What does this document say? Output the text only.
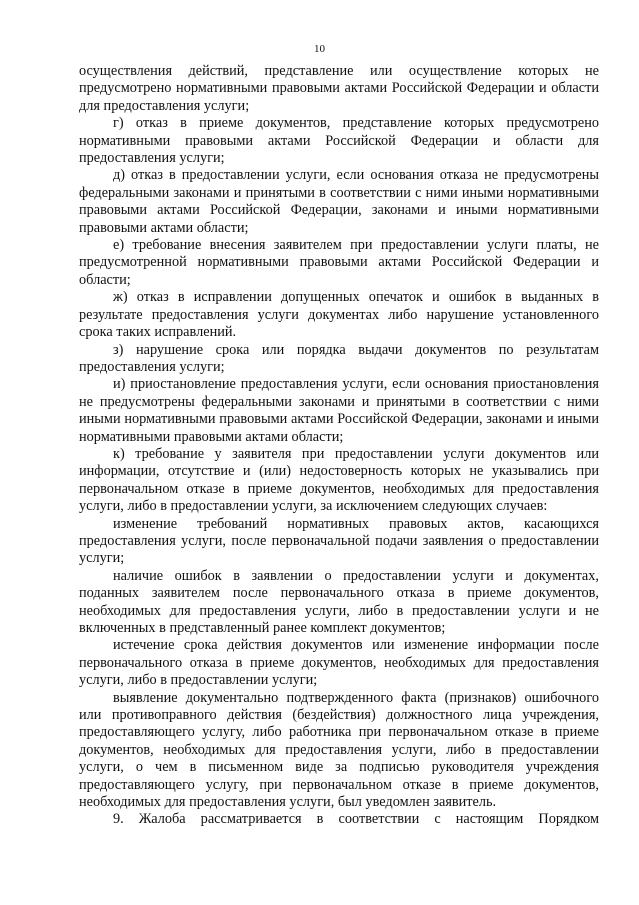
10

осуществления действий, представление или осуществление которых не предусмотрено нормативными правовыми актами Российской Федерации и области для предоставления услуги;

г) отказ в приеме документов, представление которых предусмотрено нормативными правовыми актами Российской Федерации и области для предоставления услуги;

д) отказ в предоставлении услуги, если основания отказа не предусмотрены федеральными законами и принятыми в соответствии с ними иными нормативными правовыми актами Российской Федерации, законами и иными нормативными правовыми актами области;

е) требование внесения заявителем при предоставлении услуги платы, не предусмотренной нормативными правовыми актами Российской Федерации и области;

ж) отказ в исправлении допущенных опечаток и ошибок в выданных в результате предоставления услуги документах либо нарушение установленного срока таких исправлений.

з) нарушение срока или порядка выдачи документов по результатам предоставления услуги;

и) приостановление предоставления услуги, если основания приостановления не предусмотрены федеральными законами и принятыми в соответствии с ними иными нормативными правовыми актами Российской Федерации, законами и иными нормативными правовыми актами области;

к) требование у заявителя при предоставлении услуги документов или информации, отсутствие и (или) недостоверность которых не указывались при первоначальном отказе в приеме документов, необходимых для предоставления услуги, либо в предоставлении услуги, за исключением следующих случаев:

изменение требований нормативных правовых актов, касающихся предоставления услуги, после первоначальной подачи заявления о предоставлении услуги;

наличие ошибок в заявлении о предоставлении услуги и документах, поданных заявителем после первоначального отказа в приеме документов, необходимых для предоставления услуги, либо в предоставлении услуги и не включенных в представленный ранее комплект документов;

истечение срока действия документов или изменение информации после первоначального отказа в приеме документов, необходимых для предоставления услуги, либо в предоставлении услуги;

выявление документально подтвержденного факта (признаков) ошибочного или противоправного действия (бездействия) должностного лица учреждения, предоставляющего услугу, либо работника при первоначальном отказе в приеме документов, необходимых для предоставления услуги, либо в предоставлении услуги, о чем в письменном виде за подписью руководителя учреждения предоставляющего услугу, при первоначальном отказе в приеме документов, необходимых для предоставления услуги, был уведомлен заявитель.

9. Жалоба рассматривается в соответствии с настоящим Порядком
